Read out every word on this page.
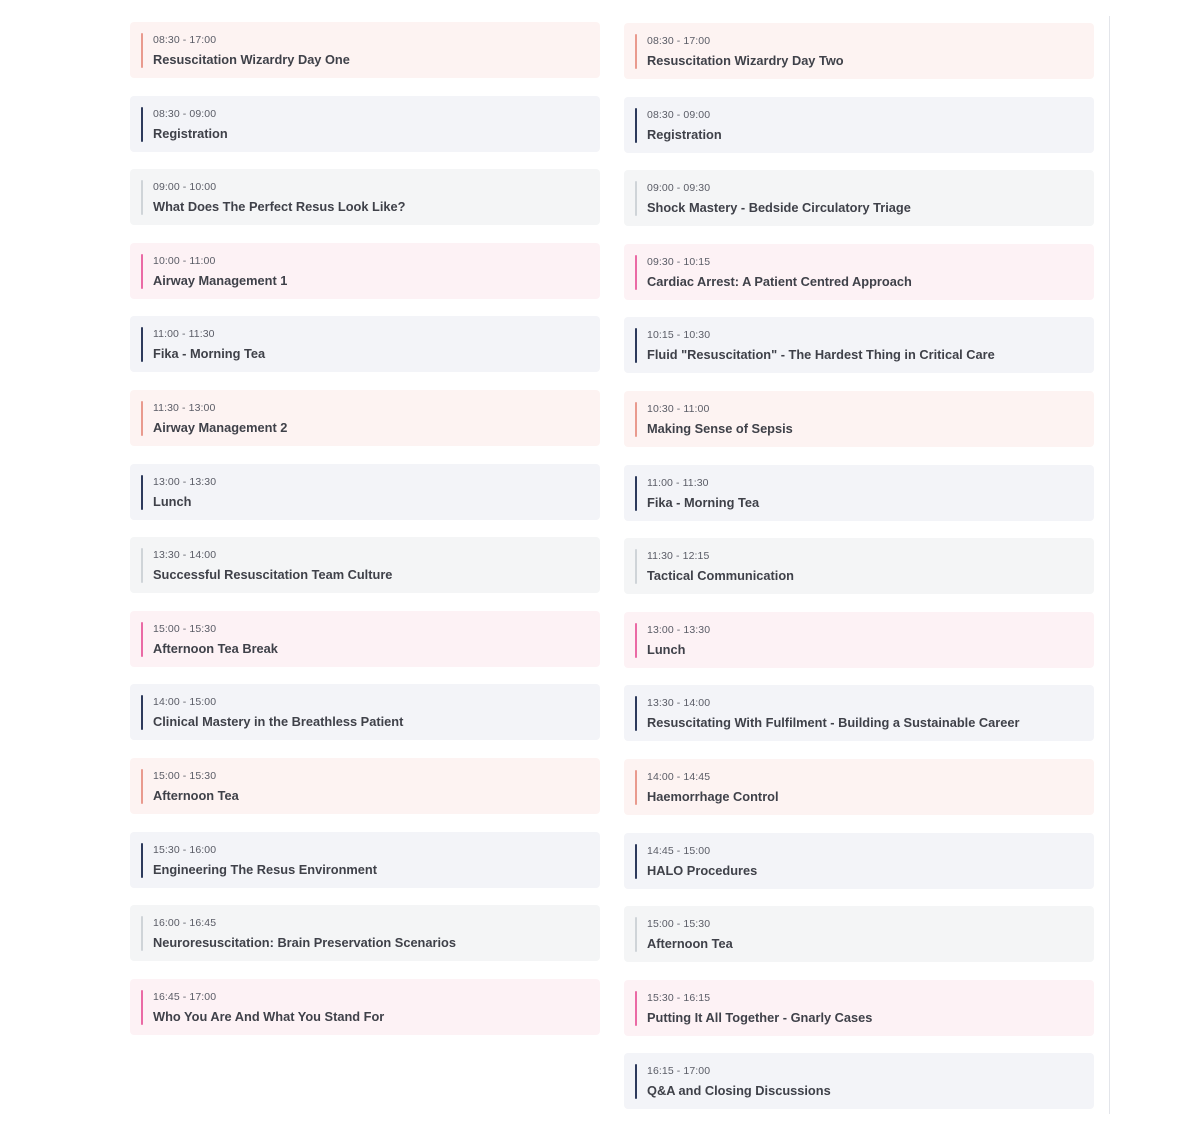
08:30 - 17:00
Resuscitation Wizardry Day One
08:30 - 09:00
Registration
09:00 - 10:00
What Does The Perfect Resus Look Like?
10:00 - 11:00
Airway Management 1
11:00 - 11:30
Fika - Morning Tea
11:30 - 13:00
Airway Management 2
13:00 - 13:30
Lunch
13:30 - 14:00
Successful Resuscitation Team Culture
15:00 - 15:30
Afternoon Tea Break
14:00 - 15:00
Clinical Mastery in the Breathless Patient
15:00 - 15:30
Afternoon Tea
15:30 - 16:00
Engineering The Resus Environment
16:00 - 16:45
Neuroresuscitation: Brain Preservation Scenarios
16:45 - 17:00
Who You Are And What You Stand For
08:30 - 17:00
Resuscitation Wizardry Day Two
08:30 - 09:00
Registration
09:00 - 09:30
Shock Mastery - Bedside Circulatory Triage
09:30 - 10:15
Cardiac Arrest: A Patient Centred Approach
10:15 - 10:30
Fluid "Resuscitation" - The Hardest Thing in Critical Care
10:30 - 11:00
Making Sense of Sepsis
11:00 - 11:30
Fika - Morning Tea
11:30 - 12:15
Tactical Communication
13:00 - 13:30
Lunch
13:30 - 14:00
Resuscitating With Fulfilment - Building a Sustainable Career
14:00 - 14:45
Haemorrhage Control
14:45 - 15:00
HALO Procedures
15:00 - 15:30
Afternoon Tea
15:30 - 16:15
Putting It All Together - Gnarly Cases
16:15 - 17:00
Q&A and Closing Discussions
